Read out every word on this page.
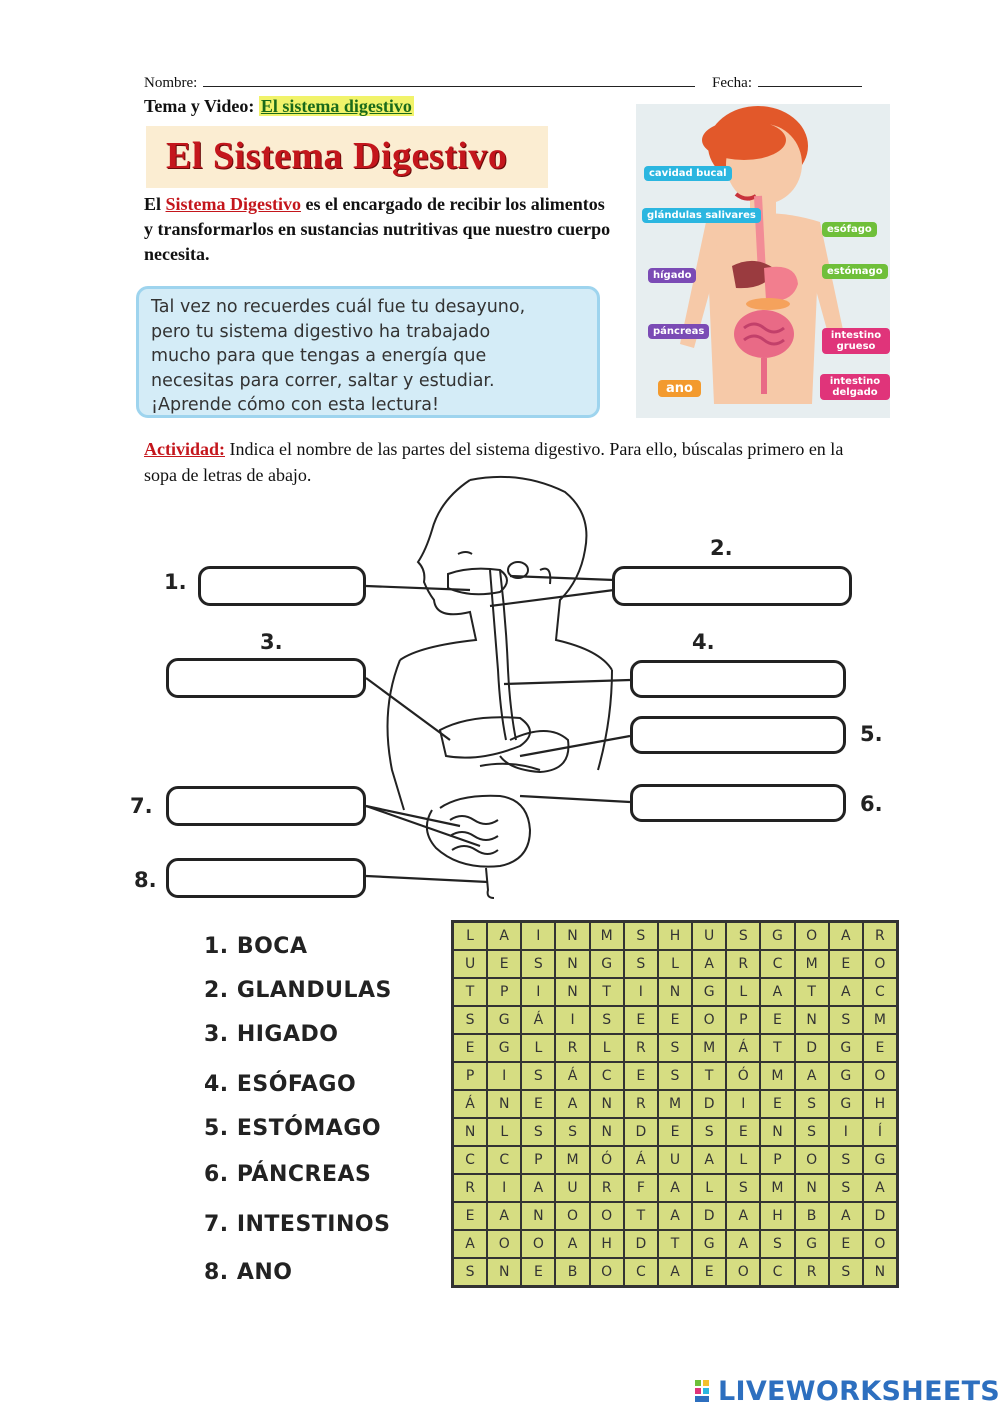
Nombre:	Fecha:
Tema y Video: El sistema digestivo
El Sistema Digestivo
El Sistema Digestivo es el encargado de recibir los alimentos y transformarlos en sustancias nutritivas que nuestro cuerpo necesita.

Tal vez no recuerdes cuál fue tu desayuno,

pero tu sistema digestivo ha trabajado

mucho para que tengas a energía que

necesitas para correr, saltar y estudiar.

¡Aprende cómo con esta lectura!

cavidad bucal
glándulas salivares
esófago
estómago
hígado
páncreas	intestino grueso
ano	intestino delgado
Actividad: Indica el nombre de las partes del sistema digestivo. Para ello, búscalas primero en la sopa de letras de abajo.
1.
2.
3.	4.
5.
6.
7.
8.
1. BOCA
2. GLANDULAS
3. HIGADO
4. ESÓFAGO
5. ESTÓMAGO
6. PÁNCREAS
7. INTESTINOS
8. ANO
L	A	I	N	M	S	H	U	S	G	O	A	R
U	E	S	N	G	S	L	A	R	C	M	E	O
T	P	I	N	T	I	N	G	L	A	T	A	C
S	G	Á	I	S	E	E	O	P	E	N	S	M
E	G	L	R	L	R	S	M	Á	T	D	G	E
P	I	S	Á	C	E	S	T	Ó	M	A	G	O
Á	N	E	A	N	R	M	D	I	E	S	G	H
N	L	S	S	N	D	E	S	E	N	S	I	Í
C	C	P	M	Ó	Á	U	A	L	P	O	S	G
R	I	A	U	R	F	A	L	S	M	N	S	A
E	A	N	O	O	T	A	D	A	H	B	A	D
A	O	O	A	H	D	T	G	A	S	G	E	O
S	N	E	B	O	C	A	E	O	C	R	S	N
LIVEWORKSHEETS
